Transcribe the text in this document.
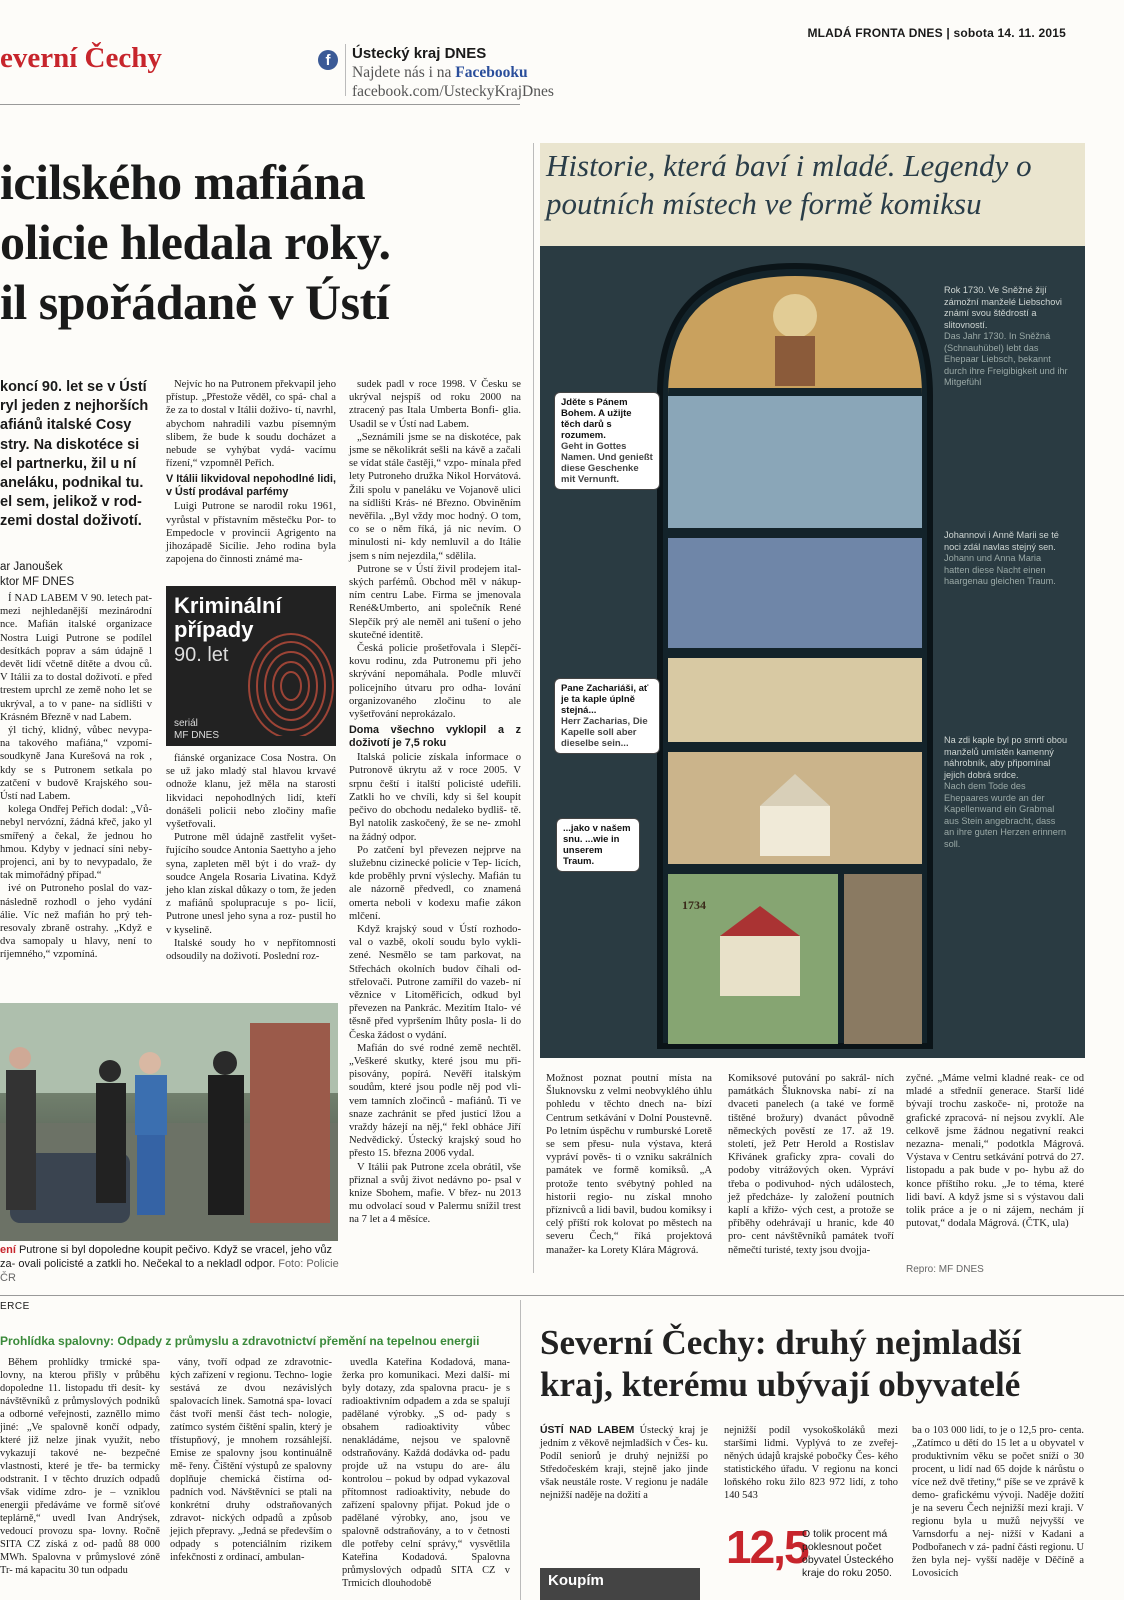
MLADÁ FRONTA DNES | sobota 14. 11. 2015
everní Čechy	f	Ústecký kraj DNES
Najdete nás i na Facebooku
facebook.com/UsteckyKrajDnes
icilského mafiána
olicie hledala roky.
il spořádaně v Ústí
koncí 90. let se v Ústí ryl jeden z nejhorších afiánů italské Cosy stry. Na diskotéce si el partnerku, žil u ní aneláku, podnikal tu. el sem, jelikož v rod- zemi dostal doživotí.
ar Janoušek
ktor MF DNES

Í NAD LABEM V 90. letech pat- mezi nejhledanější mezinárodní nce. Mafián italské organizace Nostra Luigi Putrone se podílel desítkách poprav a sám údajně l devět lidí včetně dítěte a dvou ců. V Itálii za to dostal doživotí. e před trestem uprchl ze země noho let se ukrýval, a to v pane- na sídlišti v Krásném Březně v nad Labem.

ýl tichý, klidný, vůbec nevypa- na takového mafiána,“ vzpomí- soudkyně Jana Kurešová na rok , kdy se s Putronem setkala po zatčení v budově Krajského sou- Ústí nad Labem.

kolega Ondřej Peřich dodal: „Vů- nebyl nervózní, žádná křeč, jako yl smířený a čekal, že jednou ho hmou. Kdyby v jednací síni neby- projenci, ani by to nevypadalo, že tak mimořádný případ.“

ivé on Putroneho poslal do vaz- následně rozhodl o jeho vydání álie. Víc než mafián ho prý teh- resovaly zbraně ostrahy. „Když e dva samopaly u hlavy, není to ríjemného,“ vzpomíná.

Nejvíc ho na Putronem překvapil jeho přístup. „Přestože věděl, co spá- chal a že za to dostal v Itálii doživo- tí, navrhl, abychom nahradili vazbu písemným slibem, že bude k soudu docházet a nebude se vyhýbat vydá- vacímu řízení,“ vzpomněl Peřich.

V Itálii likvidoval nepohodlné lidi, v Ústí prodával parfémy

Luigi Putrone se narodil roku 1961, vyrůstal v přístavním městečku Por- to Empedocle v provincii Agrigento na jihozápadě Sicílie. Jeho rodina byla zapojena do činnosti známé ma-

Kriminální
případy
90. let
seriál
MF DNES

fiánské organizace Cosa Nostra. On se už jako mladý stal hlavou krvavé odnože klanu, jež měla na starosti likvidaci nepohodlných lidí, kteří donášeli policii nebo zločiny mafie vyšetřovali.

Putrone měl údajně zastřelit vyšet- řujícího soudce Antonia Saettyho a jeho syna, zapleten měl být i do vraž- dy soudce Angela Rosaria Livatina. Když jeho klan získal důkazy o tom, že jeden z mafiánů spolupracuje s po- licií, Putrone unesl jeho syna a roz- pustil ho v kyselině.

Italské soudy ho v nepřítomnosti odsoudily na doživotí. Poslední roz-

sudek padl v roce 1998. V Česku se ukrýval nejspíš od roku 2000 na ztracený pas Itala Umberta Bonfi- glia. Usadil se v Ústí nad Labem.

„Seznámili jsme se na diskotéce, pak jsme se několikrát sešli na kávě a začali se vídat stále častěji,“ vzpo- mínala před lety Putroneho družka Nikol Horvátová. Žili spolu v paneláku ve Vojanově ulici na sídlišti Krás- né Březno. Obviněním nevěřila. „Byl vždy moc hodný. O tom, co se o něm říká, já nic nevím. O minulosti ni- kdy nemluvil a do Itálie jsem s ním nejezdila,“ sdělila.

Putrone se v Ústí živil prodejem ital- ských parfémů. Obchod měl v nákup- ním centru Labe. Firma se jmenovala René&Umberto, ani společník René Slepčík prý ale neměl ani tušení o jeho skutečné identitě.

Česká policie prošetřovala i Slepčí- kovu rodinu, zda Putronemu při jeho skrývání nepomáhala. Podle mluvčí policejního útvaru pro odha- lování organizovaného zločinu to ale vyšetřování neprokázalo.

Doma všechno vyklopil a z doživotí je 7,5 roku

Italská policie získala informace o Putronově úkrytu až v roce 2005. V srpnu čeští i italští policisté udeřili. Zatkli ho ve chvíli, kdy si šel koupit pečivo do obchodu nedaleko bydliš- tě. Byl natolik zaskočený, že se ne- zmohl na žádný odpor.

Po zatčení byl převezen nejprve na služebnu cizinecké policie v Tep- licích, kde proběhly první výslechy. Mafián tu ale názorně předvedl, co znamená omerta neboli v kodexu mafie zákon mlčení.

Když krajský soud v Ústí rozhodo- val o vazbě, okolí soudu bylo vykli- zené. Nesmělo se tam parkovat, na Střechách okolních budov číhali od- střelovači. Putrone zamířil do vazeb- ní věznice v Litoměřicích, odkud byl převezen na Pankrác. Mezitím Italo- vé těsně před vypršením lhůty posla- li do Česka žádost o vydání.

Mafián do své rodné země nechtěl. „Veškeré skutky, které jsou mu při- pisovány, popírá. Nevěří italským soudům, které jsou podle něj pod vli- vem tamních zločinců - mafiánů. Ti ve snaze zachránit se před justicí lžou a vraždy házejí na něj,“ řekl obháce Jiří Nedvědický. Ústecký krajský soud ho přesto 15. března 2006 vydal.

V Itálii pak Putrone zcela obrátil, vše přiznal a svůj život nedávno po- psal v knize Sbohem, mafie. V břez- nu 2013 mu odvolací soud v Palermu snížil trest na 7 let a 4 měsíce.

ení Putrone si byl dopoledne koupit pečivo. Když se vracel, jeho vůz za- ovali policisté a zatkli ho. Nečekal to a nekladl odpor. Foto: Policie ČR
Historie, která baví i mladé. Legendy o poutních místech ve formě komiksu
Rok 1730. Ve Sněžné žijí zámožní manželé Liebschovi známí svou štědrostí a slitovností.
Das Jahr 1730. In Sněžná (Schnauhübel) lebt das Ehepaar Liebsch, bekannt durch ihre Freigibigkeit und ihr Mitgefühl
Johannovi i Anně Marii se té noci zdál navlas stejný sen.
Johann und Anna Maria hatten diese Nacht einen haargenau gleichen Traum.
Na zdi kaple byl po smrti obou manželů umístěn kamenný náhrobník, aby připomínal jejich dobrá srdce.
Nach dem Tode des Ehepaares wurde an der Kapellenwand ein Grabmal aus Stein angebracht, dass an ihre guten Herzen erinnern soll.
Jděte s Pánem Bohem. A užijte těch darů s rozumem.
Geht in Gottes Namen. Und genießt diese Geschenke mit Vernunft.
Pane Zachariáši, ať je ta kaple úplně stejná...
Herr Zacharias, Die Kapelle soll aber dieselbe sein...
...jako v našem snu. ...wie in unserem Traum.
1734
Možnost poznat poutní místa na Šluknovsku z velmi neobvyklého úhlu pohledu v těchto dnech na- bízí Centrum setkávání v Dolní Poustevně. Po letním úspěchu v rumburské Loretě se sem přesu- nula výstava, která vypráví pověs- ti o vzniku sakrálních památek ve formě komiksů. „A protože tento svébytný pohled na historii regio- nu získal mnoho příznivců a lidi bavil, budou komiksy i celý příští rok kolovat po městech na severu Čech,“ říká projektová manažer- ka Lorety Klára Mágrová.
Komiksové putování po sakrál- ních památkách Šluknovska nabí- zí na dvaceti panelech (a také ve formě tištěné brožury) dvanáct původně německých pověstí ze 17. až 19. století, jež Petr Herold a Rostislav Křivánek graficky zpra- covali do podoby vitrážových oken. Vypráví třeba o podivuhod- ných událostech, jež předcháze- ly založení poutních kaplí a křížo- vých cest, a protože se příběhy odehrávají u hranic, kde 40 pro- cent návštěvníků památek tvoří němečtí turisté, texty jsou dvojja-
zyčné. „Máme velmi kladné reak- ce od mladé a středníí generace. Starší lidé bývají trochu zaskoče- ni, protože na grafické zpracová- ní nejsou zvyklí. Ale celkově jsme žádnou negativní reakci nezazna- menali,“ podotkla Mágrová. Výstava v Centru setkávání potrvá do 27. listopadu a pak bude v po- hybu až do konce příštího roku. „Je to téma, které lidi baví. A když jsme si s výstavou dali tolik práce a je o ni zájem, nechám jí putovat,“ dodala Mágrová. (ČTK, ula)
Repro: MF DNES
ERCE
Prohlídka spalovny: Odpady z průmyslu a zdravotnictví přemění na tepelnou energii

Během prohlídky trmické spa- lovny, na kterou přišly v průběhu dopoledne 11. listopadu tři desít- ky návštěvníků z průmyslových podniků a odborné veřejnosti, zazněllo mimo jiné: „Ve spalovně končí odpady, které již nelze jinak využít, nebo vykazují takové ne- bezpečné vlastnosti, které je tře- ba termicky odstranit. I v těchto druzích odpadů však vidíme zdro- je – vzniklou energii předáváme ve formě síťové teplárně,“ uvedl Ivan Andrýsek, vedoucí provozu spa- lovny. Ročně SITA CZ získá z od- padů 88 000 MWh. Spalovna v průmyslové zóně Tr- má kapacitu 30 tun odpadu

vány, tvoří odpad ze zdravotnic- kých zařízení v regionu. Techno- logie sestává ze dvou nezávislých spalovacích linek. Samotná spa- lovací část tvoří menší část tech- nologie, zatímco systém čištění spalin, který je třístupňový, je mnohem rozsáhlejší. Emise ze spalovny jsou kontinuálně mě- řeny. Čištění výstupů ze spalovny doplňuje chemická čistírna od- padních vod. Návštěvníci se ptali na konkrétní druhy odstraňovaných zdravot- nických odpadů a způsob jejich přepravy. „Jedná se především o odpady s potenciálním rizikem infekčnosti z ordinací, ambulan-

uvedla Kateřina Kodadová, mana- žerka pro komunikaci. Mezi další- mi byly dotazy, zda spalovna pracu- je s radioaktivním odpadem a zda se spalují padělané výrobky. „S od- pady s obsahem radioaktivity vůbec nenakládáme, nejsou ve spalovně odstraňovány. Každá dodávka od- padu projde už na vstupu do are- álu kontrolou – pokud by odpad vykazoval přítomnost radioaktivity, nebude do zařízení spalovny přijat. Pokud jde o padělané výrobky, ano, jsou ve spalovně odstraňovány, a to v četnosti dle potřeby celní správy,“ vysvětlila Kateřina Kodadová. Spalovna průmyslových odpadů SITA CZ v Trmicích dlouhodobě

Severní Čechy: druhý nejmladší kraj, kterému ubývají obyvatelé
ÚSTÍ NAD LABEM Ústecký kraj je jedním z věkově nejmladších v Čes- ku. Podíl seniorů je druhý nejnižší po Středočeském kraji, stejně jako jinde však neustále roste. V regionu je nadále nejnižší naděje na dožití a
nejnižší podíl vysokoškoláků mezi staršími lidmi. Vyplývá to ze zveřej- něných údajů krajské pobočky Čes- kého statistického úřadu. V regionu na konci loňského roku žilo 823 972 lidí, z toho 140 543
ba o 103 000 lidí, to je o 12,5 pro- centa. „Zatímco u dětí do 15 let a u obyvatel v produktivním věku se počet sníží o 30 procent, u lidí nad 65 dojde k nárůstu o více než dvě třetiny,“ píše se ve zprávě k demo- grafickému vývoji. Naděje dožití je na severu Čech nejnižší mezi kraji. V regionu byla u mužů nejvyšší ve Varnsdorfu a nej- nižší v Kadani a Podbořanech v zá- padní části regionu. U žen byla nej- vyšší naděje v Děčíně a Lovosicích
12,5
O tolik procent má poklesnout počet obyvatel Ústeckého kraje do roku 2050.
Koupím
